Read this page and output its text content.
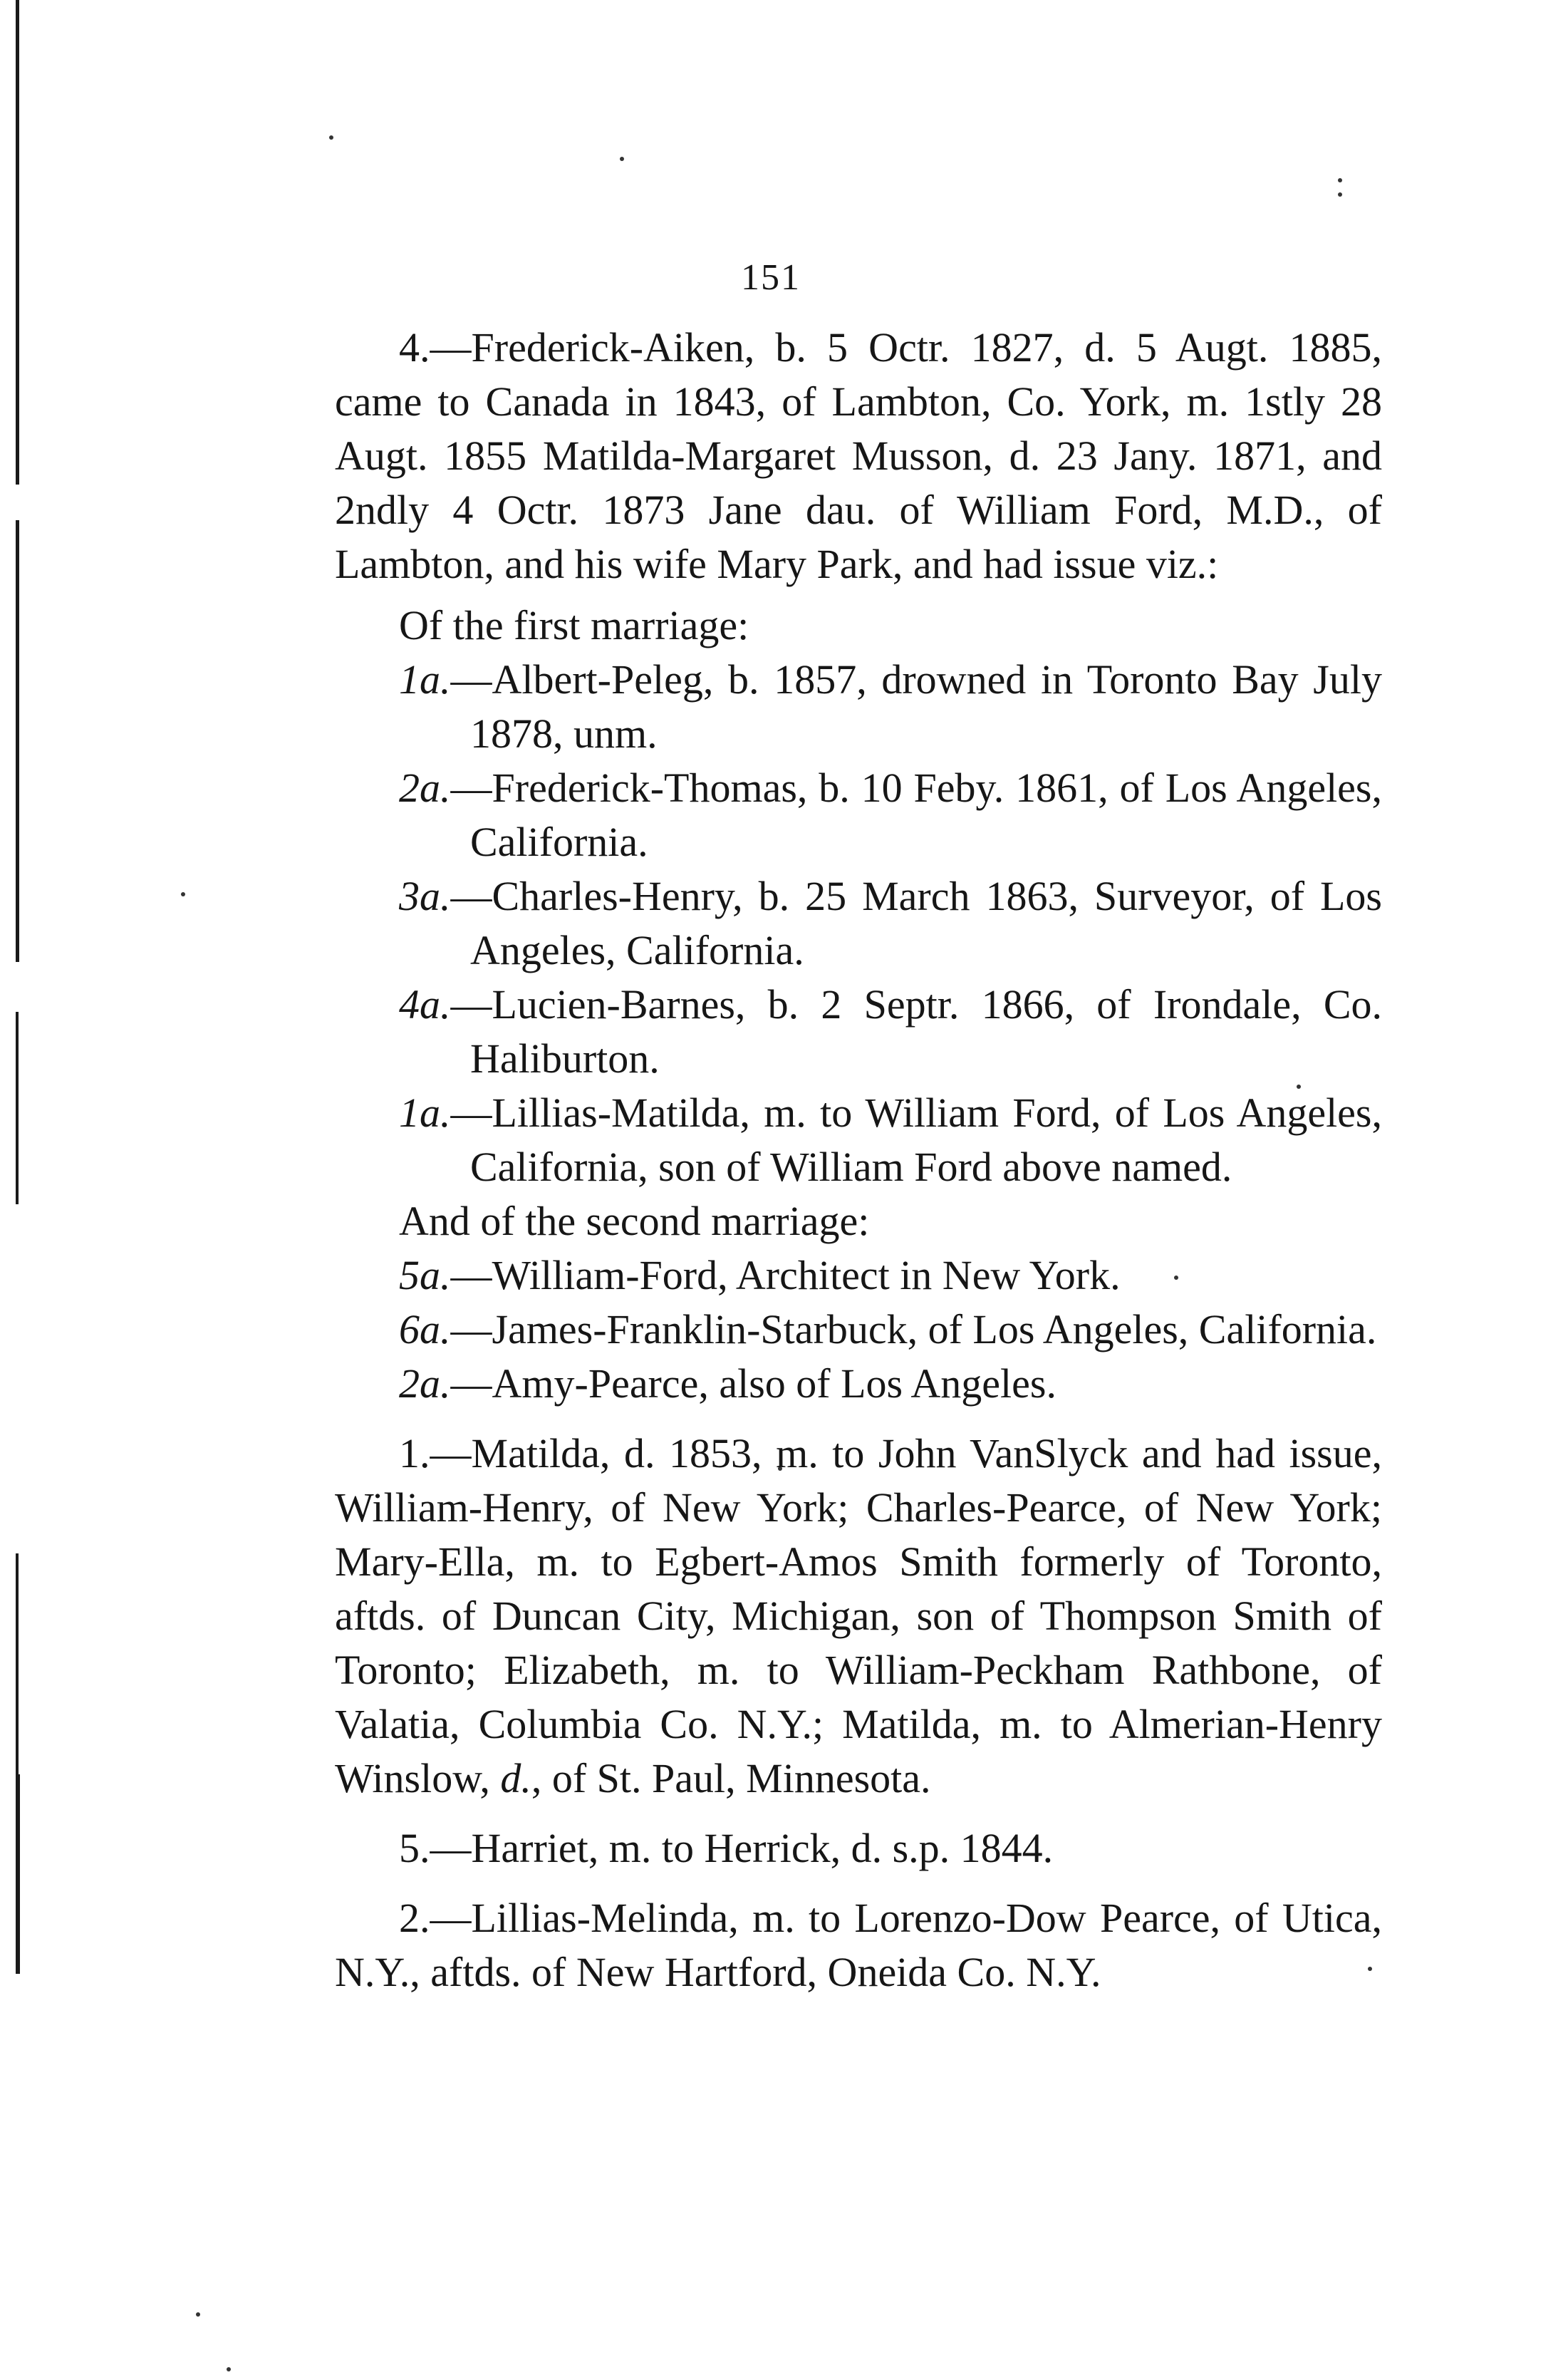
151

4.—Frederick-Aiken, b. 5 Octr. 1827, d. 5 Augt. 1885, came to Canada in 1843, of Lambton, Co. York, m. 1stly 28 Augt. 1855 Matilda-Margaret Musson, d. 23 Jany. 1871, and 2ndly 4 Octr. 1873 Jane dau. of William Ford, M.D., of Lambton, and his wife Mary Park, and had issue viz.:

Of the first marriage:

1a.—Albert-Peleg, b. 1857, drowned in Toronto Bay July 1878, unm.

2a.—Frederick-Thomas, b. 10 Feby. 1861, of Los Angeles, California.

3a.—Charles-Henry, b. 25 March 1863, Surveyor, of Los Angeles, California.

4a.—Lucien-Barnes, b. 2 Septr. 1866, of Irondale, Co. Haliburton.

1a.—Lillias-Matilda, m. to William Ford, of Los Angeles, California, son of William Ford above named.

And of the second marriage:

5a.—William-Ford, Architect in New York.

6a.—James-Franklin-Starbuck, of Los Angeles, California.

2a.—Amy-Pearce, also of Los Angeles.

1.—Matilda, d. 1853, m. to John VanSlyck and had issue, William-Henry, of New York; Charles-Pearce, of New York; Mary-Ella, m. to Egbert-Amos Smith formerly of Toronto, aftds. of Duncan City, Michigan, son of Thompson Smith of Toronto; Elizabeth, m. to William-Peckham Rathbone, of Valatia, Columbia Co. N.Y.; Matilda, m. to Almerian-Henry Winslow, d., of St. Paul, Minnesota.

5.—Harriet, m. to Herrick, d. s.p. 1844.

2.—Lillias-Melinda, m. to Lorenzo-Dow Pearce, of Utica, N.Y., aftds. of New Hartford, Oneida Co. N.Y.
